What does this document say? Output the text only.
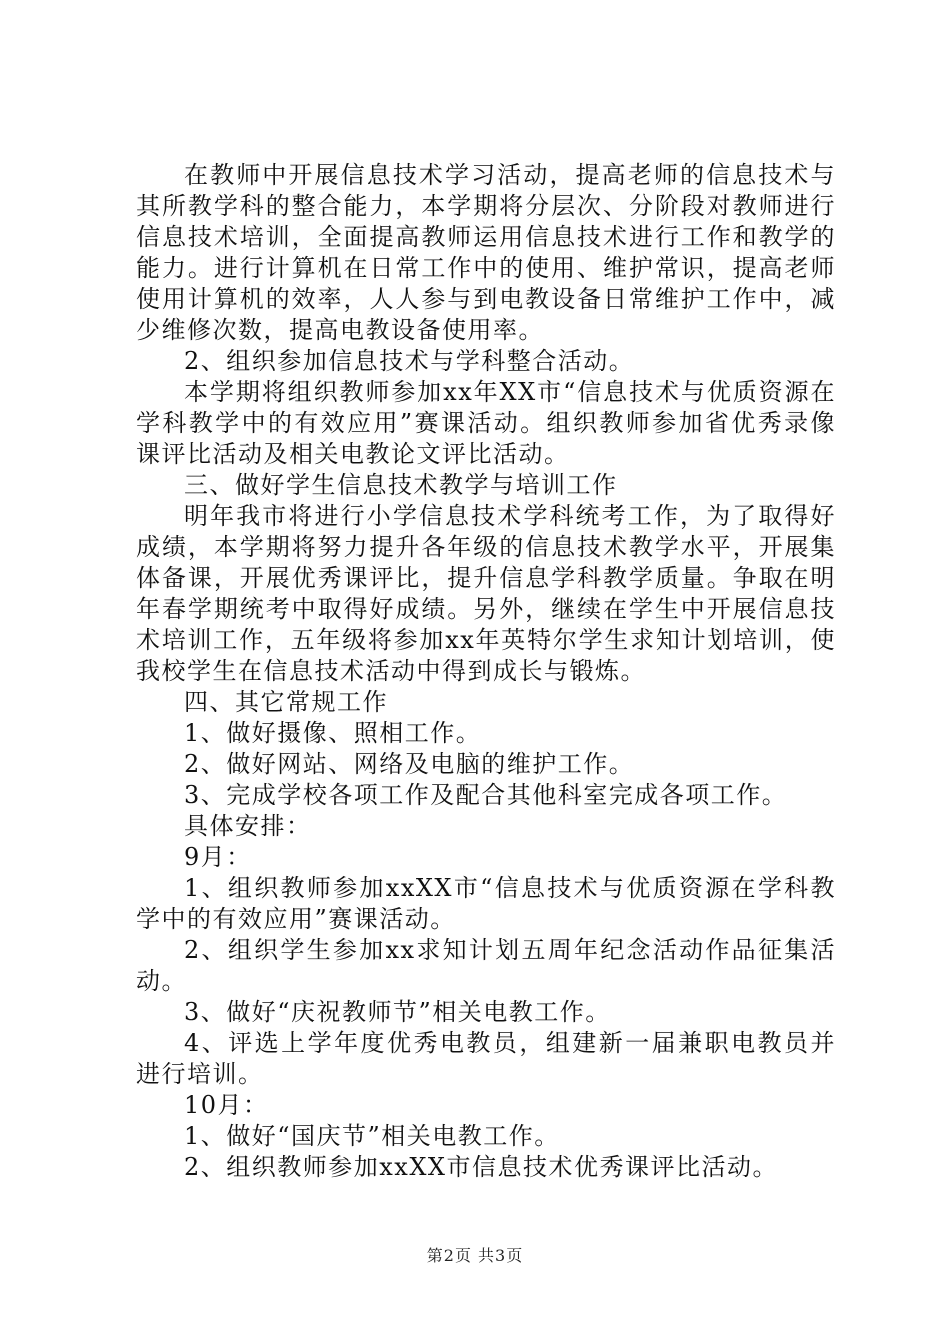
在教师中开展信息技术学习活动，提高老师的信息技术与其所教学科的整合能力，本学期将分层次、分阶段对教师进行信息技术培训，全面提高教师运用信息技术进行工作和教学的能力。进行计算机在日常工作中的使用、维护常识，提高老师使用计算机的效率，人人参与到电教设备日常维护工作中，减少维修次数，提高电教设备使用率。

2、组织参加信息技术与学科整合活动。

本学期将组织教师参加xx年XX市“信息技术与优质资源在学科教学中的有效应用”赛课活动。组织教师参加省优秀录像课评比活动及相关电教论文评比活动。

三、做好学生信息技术教学与培训工作

明年我市将进行小学信息技术学科统考工作，为了取得好成绩，本学期将努力提升各年级的信息技术教学水平，开展集体备课，开展优秀课评比，提升信息学科教学质量。争取在明年春学期统考中取得好成绩。另外，继续在学生中开展信息技术培训工作，五年级将参加xx年英特尔学生求知计划培训，使我校学生在信息技术活动中得到成长与锻炼。

四、其它常规工作

1、做好摄像、照相工作。

2、做好网站、网络及电脑的维护工作。

3、完成学校各项工作及配合其他科室完成各项工作。

具体安排：

9月：

1、组织教师参加xxXX市“信息技术与优质资源在学科教学中的有效应用”赛课活动。

2、组织学生参加xx求知计划五周年纪念活动作品征集活动。

3、做好“庆祝教师节”相关电教工作。

4、评选上学年度优秀电教员，组建新一届兼职电教员并进行培训。

10月：

1、做好“国庆节”相关电教工作。

2、组织教师参加xxXX市信息技术优秀课评比活动。

第2页 共3页
